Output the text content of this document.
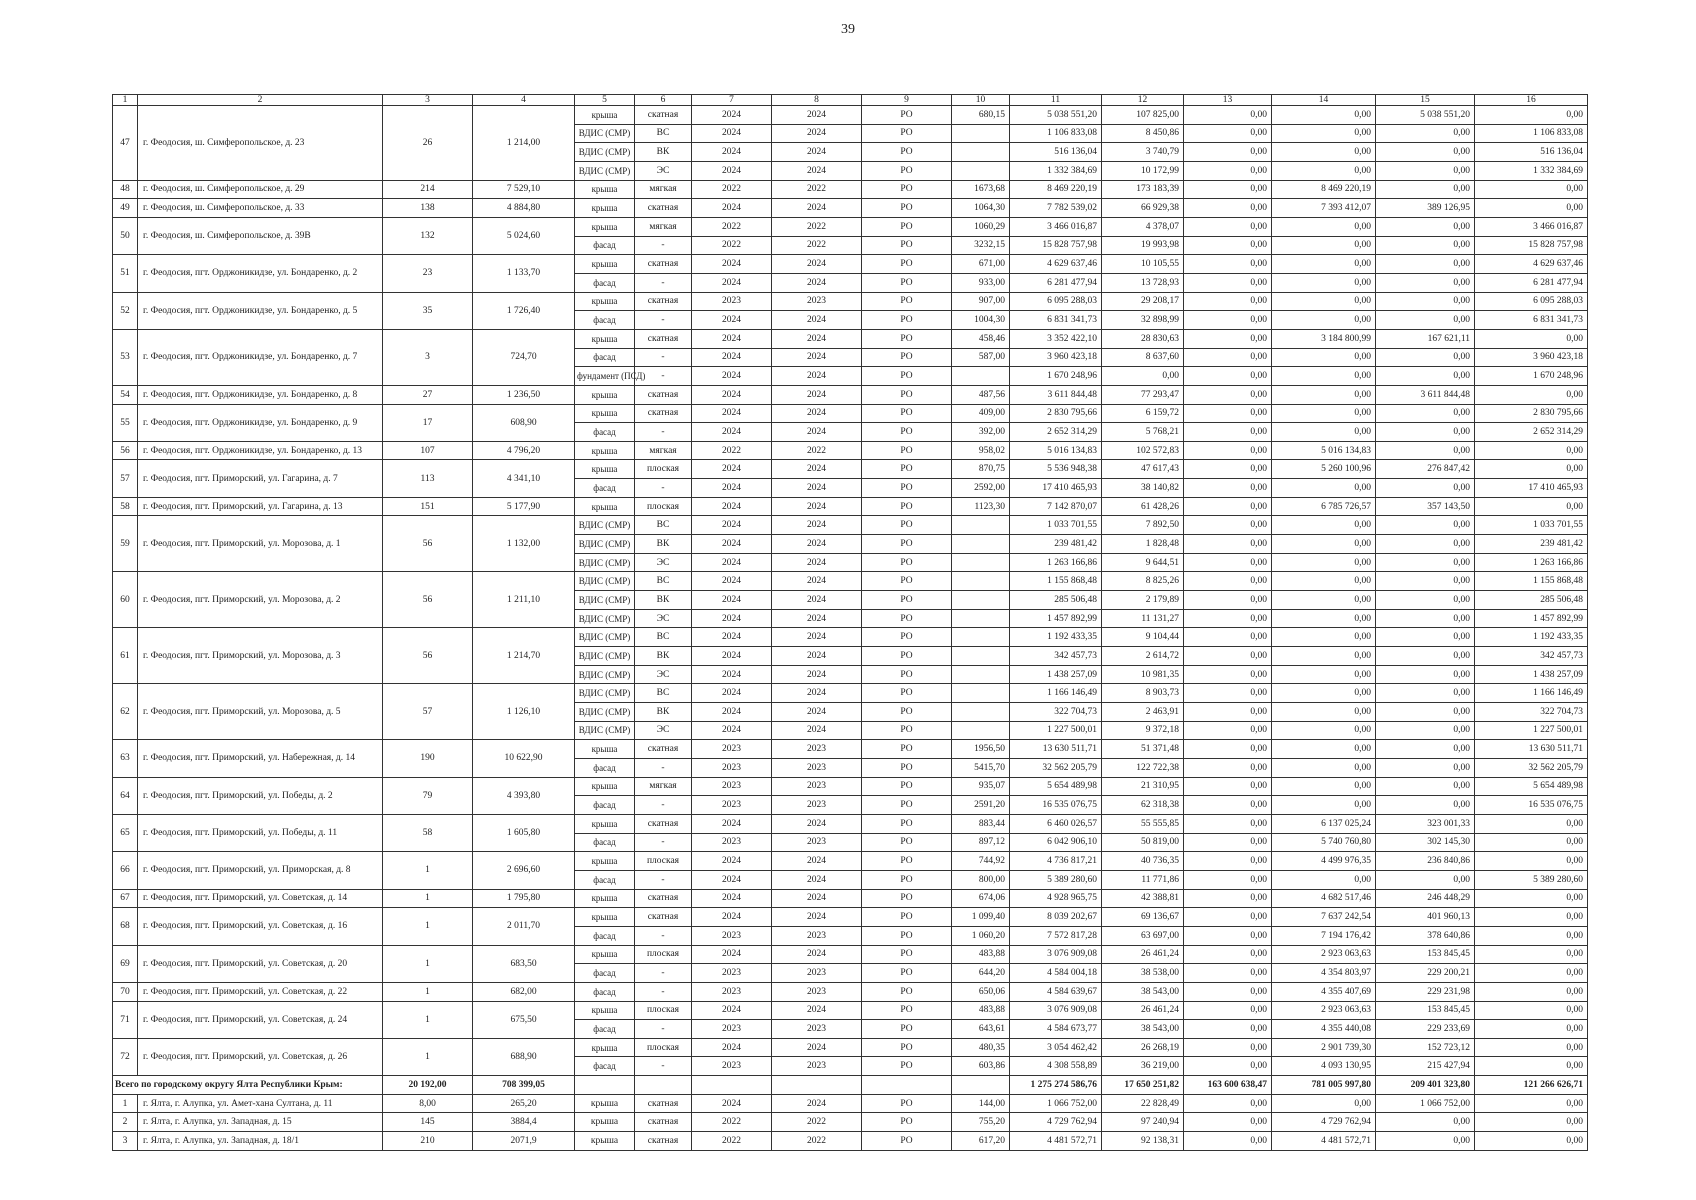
39
1	2	3	4	5	6	7	8	9	10	11	12	13	14	15	16
47	г. Феодосия, ш. Симферопольское, д. 23	26	1 214,00	крыша	скатная	2024	2024	РО	680,15	5 038 551,20	107 825,00	0,00	0,00	5 038 551,20	0,00
				ВДИС (СМР)	ВС	2024	2024	РО		1 106 833,08	8 450,86	0,00	0,00	0,00	1 106 833,08
				ВДИС (СМР)	ВК	2024	2024	РО		516 136,04	3 740,79	0,00	0,00	0,00	516 136,04
				ВДИС (СМР)	ЭС	2024	2024	РО		1 332 384,69	10 172,99	0,00	0,00	0,00	1 332 384,69
48	г. Феодосия, ш. Симферопольское, д. 29	214	7 529,10	крыша	мягкая	2022	2022	РО	1673,68	8 469 220,19	173 183,39	0,00	8 469 220,19	0,00	0,00
49	г. Феодосия, ш. Симферопольское, д. 33	138	4 884,80	крыша	скатная	2024	2024	РО	1064,30	7 782 539,02	66 929,38	0,00	7 393 412,07	389 126,95	0,00
50	г. Феодосия, ш. Симферопольское, д. 39В	132	5 024,60	крыша	мягкая	2022	2022	РО	1060,29	3 466 016,87	4 378,07	0,00	0,00	0,00	3 466 016,87
				фасад	-	2022	2022	РО	3232,15	15 828 757,98	19 993,98	0,00	0,00	0,00	15 828 757,98
51	г. Феодосия, пгт. Орджоникидзе, ул. Бондаренко, д. 2	23	1 133,70	крыша	скатная	2024	2024	РО	671,00	4 629 637,46	10 105,55	0,00	0,00	0,00	4 629 637,46
				фасад	-	2024	2024	РО	933,00	6 281 477,94	13 728,93	0,00	0,00	0,00	6 281 477,94
52	г. Феодосия, пгт. Орджоникидзе, ул. Бондаренко, д. 5	35	1 726,40	крыша	скатная	2023	2023	РО	907,00	6 095 288,03	29 208,17	0,00	0,00	0,00	6 095 288,03
				фасад	-	2024	2024	РО	1004,30	6 831 341,73	32 898,99	0,00	0,00	0,00	6 831 341,73
53	г. Феодосия, пгт. Орджоникидзе, ул. Бондаренко, д. 7	3	724,70	крыша	скатная	2024	2024	РО	458,46	3 352 422,10	28 830,63	0,00	3 184 800,99	167 621,11	0,00
				фасад	-	2024	2024	РО	587,00	3 960 423,18	8 637,60	0,00	0,00	0,00	3 960 423,18
				фундамент (ПСД)	-	2024	2024	РО		1 670 248,96	0,00	0,00	0,00	0,00	1 670 248,96
54	г. Феодосия, пгт. Орджоникидзе, ул. Бондаренко, д. 8	27	1 236,50	крыша	скатная	2024	2024	РО	487,56	3 611 844,48	77 293,47	0,00	0,00	3 611 844,48	0,00
55	г. Феодосия, пгт. Орджоникидзе, ул. Бондаренко, д. 9	17	608,90	крыша	скатная	2024	2024	РО	409,00	2 830 795,66	6 159,72	0,00	0,00	0,00	2 830 795,66
				фасад	-	2024	2024	РО	392,00	2 652 314,29	5 768,21	0,00	0,00	0,00	2 652 314,29
56	г. Феодосия, пгт. Орджоникидзе, ул. Бондаренко, д. 13	107	4 796,20	крыша	мягкая	2022	2022	РО	958,02	5 016 134,83	102 572,83	0,00	5 016 134,83	0,00	0,00
57	г. Феодосия, пгт. Приморский, ул. Гагарина, д. 7	113	4 341,10	крыша	плоская	2024	2024	РО	870,75	5 536 948,38	47 617,43	0,00	5 260 100,96	276 847,42	0,00
				фасад	-	2024	2024	РО	2592,00	17 410 465,93	38 140,82	0,00	0,00	0,00	17 410 465,93
58	г. Феодосия, пгт. Приморский, ул. Гагарина, д. 13	151	5 177,90	крыша	плоская	2024	2024	РО	1123,30	7 142 870,07	61 428,26	0,00	6 785 726,57	357 143,50	0,00
59	г. Феодосия, пгт. Приморский, ул. Морозова, д. 1	56	1 132,00	ВДИС (СМР)	ВС	2024	2024	РО		1 033 701,55	7 892,50	0,00	0,00	0,00	1 033 701,55
				ВДИС (СМР)	ВК	2024	2024	РО		239 481,42	1 828,48	0,00	0,00	0,00	239 481,42
				ВДИС (СМР)	ЭС	2024	2024	РО		1 263 166,86	9 644,51	0,00	0,00	0,00	1 263 166,86
60	г. Феодосия, пгт. Приморский, ул. Морозова, д. 2	56	1 211,10	ВДИС (СМР)	ВС	2024	2024	РО		1 155 868,48	8 825,26	0,00	0,00	0,00	1 155 868,48
				ВДИС (СМР)	ВК	2024	2024	РО		285 506,48	2 179,89	0,00	0,00	0,00	285 506,48
				ВДИС (СМР)	ЭС	2024	2024	РО		1 457 892,99	11 131,27	0,00	0,00	0,00	1 457 892,99
61	г. Феодосия, пгт. Приморский, ул. Морозова, д. 3	56	1 214,70	ВДИС (СМР)	ВС	2024	2024	РО		1 192 433,35	9 104,44	0,00	0,00	0,00	1 192 433,35
				ВДИС (СМР)	ВК	2024	2024	РО		342 457,73	2 614,72	0,00	0,00	0,00	342 457,73
				ВДИС (СМР)	ЭС	2024	2024	РО		1 438 257,09	10 981,35	0,00	0,00	0,00	1 438 257,09
62	г. Феодосия, пгт. Приморский, ул. Морозова, д. 5	57	1 126,10	ВДИС (СМР)	ВС	2024	2024	РО		1 166 146,49	8 903,73	0,00	0,00	0,00	1 166 146,49
				ВДИС (СМР)	ВК	2024	2024	РО		322 704,73	2 463,91	0,00	0,00	0,00	322 704,73
				ВДИС (СМР)	ЭС	2024	2024	РО		1 227 500,01	9 372,18	0,00	0,00	0,00	1 227 500,01
63	г. Феодосия, пгт. Приморский, ул. Набережная, д. 14	190	10 622,90	крыша	скатная	2023	2023	РО	1956,50	13 630 511,71	51 371,48	0,00	0,00	0,00	13 630 511,71
				фасад	-	2023	2023	РО	5415,70	32 562 205,79	122 722,38	0,00	0,00	0,00	32 562 205,79
64	г. Феодосия, пгт. Приморский, ул. Победы, д. 2	79	4 393,80	крыша	мягкая	2023	2023	РО	935,07	5 654 489,98	21 310,95	0,00	0,00	0,00	5 654 489,98
				фасад	-	2023	2023	РО	2591,20	16 535 076,75	62 318,38	0,00	0,00	0,00	16 535 076,75
65	г. Феодосия, пгт. Приморский, ул. Победы, д. 11	58	1 605,80	крыша	скатная	2024	2024	РО	883,44	6 460 026,57	55 555,85	0,00	6 137 025,24	323 001,33	0,00
				фасад	-	2023	2023	РО	897,12	6 042 906,10	50 819,00	0,00	5 740 760,80	302 145,30	0,00
66	г. Феодосия, пгт. Приморский, ул. Приморская, д. 8	1	2 696,60	крыша	плоская	2024	2024	РО	744,92	4 736 817,21	40 736,35	0,00	4 499 976,35	236 840,86	0,00
				фасад	-	2024	2024	РО	800,00	5 389 280,60	11 771,86	0,00	0,00	0,00	5 389 280,60
67	г. Феодосия, пгт. Приморский, ул. Советская, д. 14	1	1 795,80	крыша	скатная	2024	2024	РО	674,06	4 928 965,75	42 388,81	0,00	4 682 517,46	246 448,29	0,00
68	г. Феодосия, пгт. Приморский, ул. Советская, д. 16	1	2 011,70	крыша	скатная	2024	2024	РО	1 099,40	8 039 202,67	69 136,67	0,00	7 637 242,54	401 960,13	0,00
				фасад	-	2023	2023	РО	1 060,20	7 572 817,28	63 697,00	0,00	7 194 176,42	378 640,86	0,00
69	г. Феодосия, пгт. Приморский, ул. Советская, д. 20	1	683,50	крыша	плоская	2024	2024	РО	483,88	3 076 909,08	26 461,24	0,00	2 923 063,63	153 845,45	0,00
				фасад	-	2023	2023	РО	644,20	4 584 004,18	38 538,00	0,00	4 354 803,97	229 200,21	0,00
70	г. Феодосия, пгт. Приморский, ул. Советская, д. 22	1	682,00	фасад	-	2023	2023	РО	650,06	4 584 639,67	38 543,00	0,00	4 355 407,69	229 231,98	0,00
71	г. Феодосия, пгт. Приморский, ул. Советская, д. 24	1	675,50	крыша	плоская	2024	2024	РО	483,88	3 076 909,08	26 461,24	0,00	2 923 063,63	153 845,45	0,00
				фасад	-	2023	2023	РО	643,61	4 584 673,77	38 543,00	0,00	4 355 440,08	229 233,69	0,00
72	г. Феодосия, пгт. Приморский, ул. Советская, д. 26	1	688,90	крыша	плоская	2024	2024	РО	480,35	3 054 462,42	26 268,19	0,00	2 901 739,30	152 723,12	0,00
				фасад	-	2023	2023	РО	603,86	4 308 558,89	36 219,00	0,00	4 093 130,95	215 427,94	0,00
Всего по городскому округу Ялта Республики Крым:		20 192,00	708 399,05							1 275 274 586,76	17 650 251,82	163 600 638,47	781 005 997,80	209 401 323,80	121 266 626,71
1	г. Ялта, г. Алупка, ул. Амет-хана Султана, д. 11	8,00	265,20	крыша	скатная	2024	2024	РО	144,00	1 066 752,00	22 828,49	0,00	0,00	1 066 752,00	0,00
2	г. Ялта, г. Алупка, ул. Западная, д. 15	145	3884,4	крыша	скатная	2022	2022	РО	755,20	4 729 762,94	97 240,94	0,00	4 729 762,94	0,00	0,00
3	г. Ялта, г. Алупка, ул. Западная, д. 18/1	210	2071,9	крыша	скатная	2022	2022	РО	617,20	4 481 572,71	92 138,31	0,00	4 481 572,71	0,00	0,00
